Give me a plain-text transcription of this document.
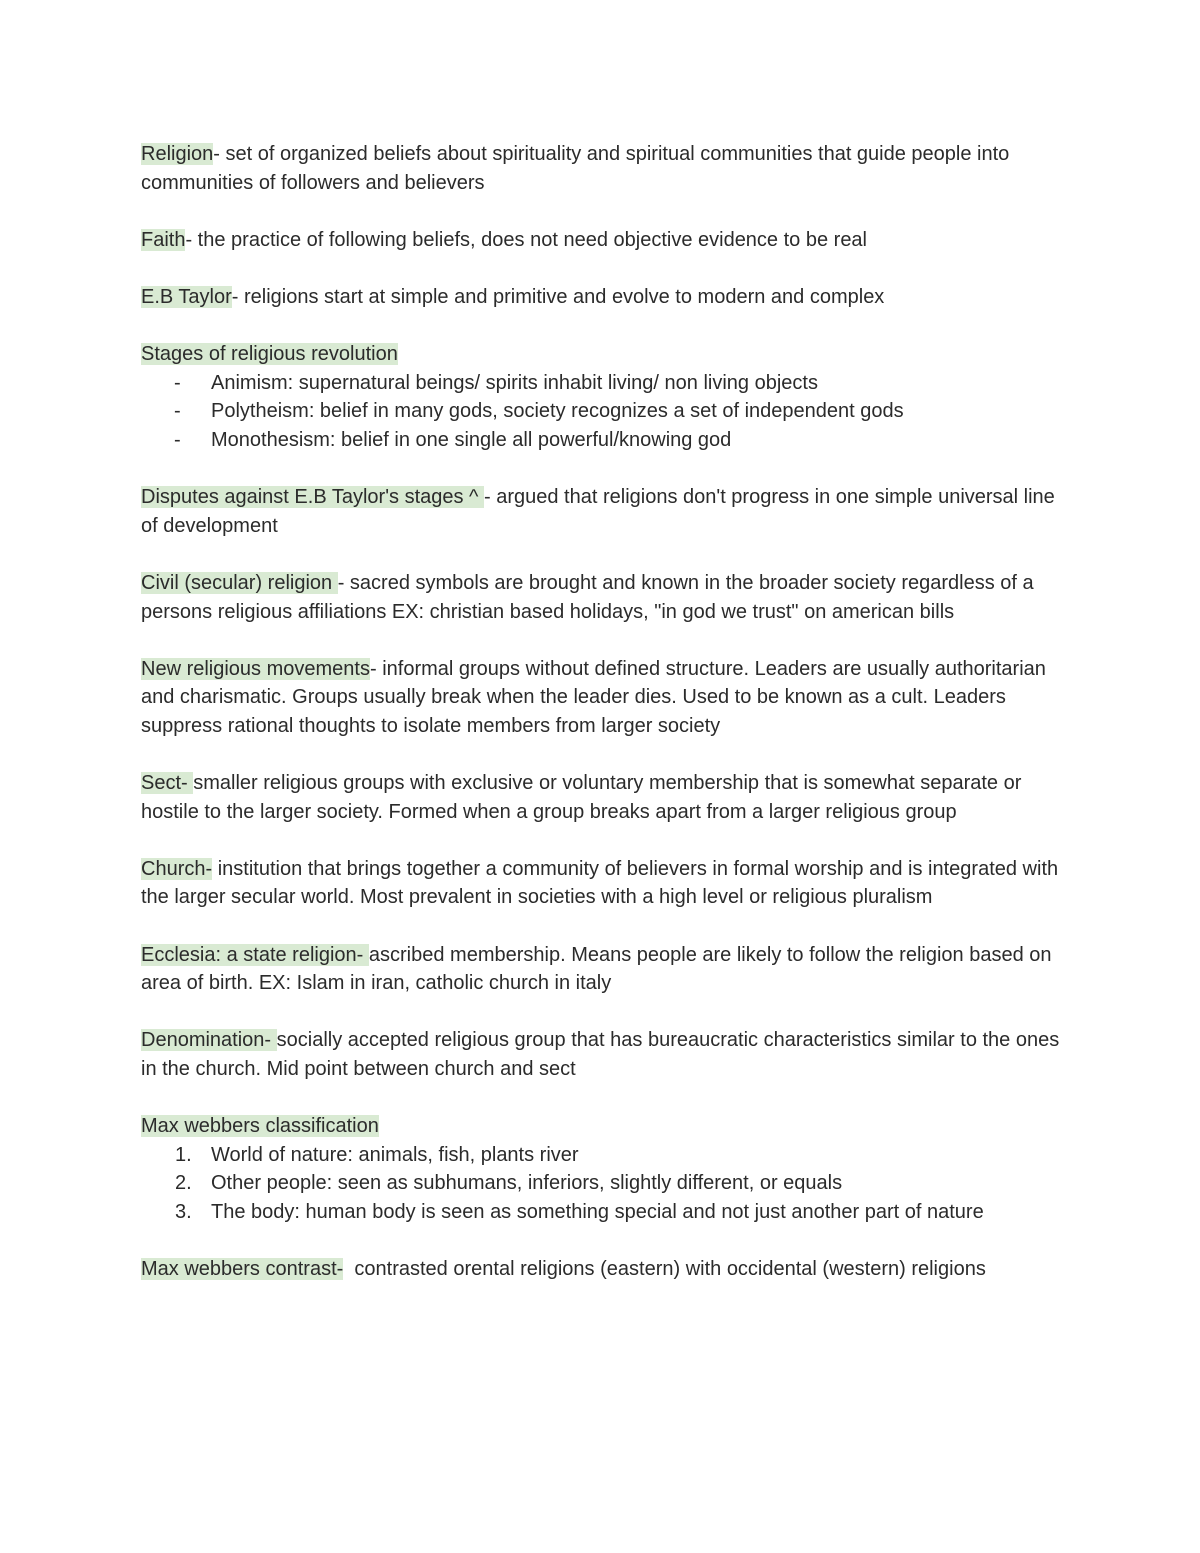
Religion- set of organized beliefs about spirituality and spiritual communities that guide people into communities of followers and believers

Faith- the practice of following beliefs, does not need objective evidence to be real

E.B Taylor- religions start at simple and primitive and evolve to modern and complex

Stages of religious revolution
- Animism: supernatural beings/ spirits inhabit living/ non living objects
- Polytheism: belief in many gods, society recognizes a set of independent gods
- Monothesism: belief in one single all powerful/knowing god

Disputes against E.B Taylor's stages ^ - argued that religions don't progress in one simple universal line of development

Civil (secular) religion - sacred symbols are brought and known in the broader society regardless of a persons religious affiliations EX: christian based holidays, "in god we trust" on american bills

New religious movements- informal groups without defined structure. Leaders are usually authoritarian and charismatic. Groups usually break when the leader dies. Used to be known as a cult. Leaders suppress rational thoughts to isolate members from larger society

Sect- smaller religious groups with exclusive or voluntary membership that is somewhat separate or hostile to the larger society. Formed when a group breaks apart from a larger religious group

Church- institution that brings together a community of believers in formal worship and is integrated with the larger secular world. Most prevalent in societies with a high level or religious pluralism

Ecclesia: a state religion- ascribed membership. Means people are likely to follow the religion based on area of birth. EX: Islam in iran, catholic church in italy

Denomination- socially accepted religious group that has bureaucratic characteristics similar to the ones in the church. Mid point between church and sect

Max webbers classification
1. World of nature: animals, fish, plants river
2. Other people: seen as subhumans, inferiors, slightly different, or equals
3. The body: human body is seen as something special and not just another part of nature

Max webbers contrast-  contrasted orental religions (eastern) with occidental (western) religions
